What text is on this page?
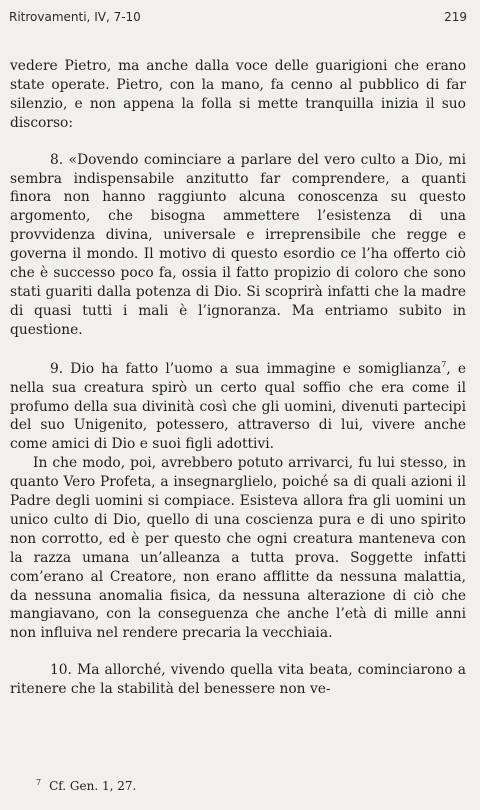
Ritrovamenti, IV, 7-10	219

vedere Pietro, ma anche dalla voce delle guarigioni che erano state operate. Pietro, con la mano, fa cenno al pubblico di far silenzio, e non appena la folla si mette tranquilla inizia il suo discorso:

8. «Dovendo cominciare a parlare del vero culto a Dio, mi sembra indispensabile anzitutto far comprendere, a quanti finora non hanno raggiunto alcuna conoscenza su questo argomento, che bisogna ammettere l’esistenza di una provvidenza divina, universale e irreprensibile che regge e governa il mondo. Il motivo di questo esordio ce l’ha offerto ciò che è successo poco fa, ossia il fatto propizio di coloro che sono stati guariti dalla potenza di Dio. Si scoprirà infatti che la madre di quasi tutti i mali è l’ignoranza. Ma entriamo subito in questione.

9. Dio ha fatto l’uomo a sua immagine e somiglianza$^7$, e nella sua creatura spirò un certo qual soffio che era come il profumo della sua divinità così che gli uomini, divenuti partecipi del suo Unigenito, potessero, attraverso di lui, vivere anche come amici di Dio e suoi figli adottivi.

In che modo, poi, avrebbero potuto arrivarci, fu lui stesso, in quanto Vero Profeta, a insegnarglielo, poiché sa di quali azioni il Padre degli uomini si compiace. Esisteva allora fra gli uomini un unico culto di Dio, quello di una coscienza pura e di uno spirito non corrotto, ed è per questo che ogni creatura manteneva con la razza umana un’alleanza a tutta prova. Soggette infatti com’erano al Creatore, non erano afflitte da nessuna malattia, da nessuna anomalia fisica, da nessuna alterazione di ciò che mangiavano, con la conseguenza che anche l’età di mille anni non influiva nel rendere precaria la vecchiaia.

10. Ma allorché, vivendo quella vita beata, cominciarono a ritenere che la stabilità del benessere non ve-

$^7$ Cf. Gen. 1, 27.
